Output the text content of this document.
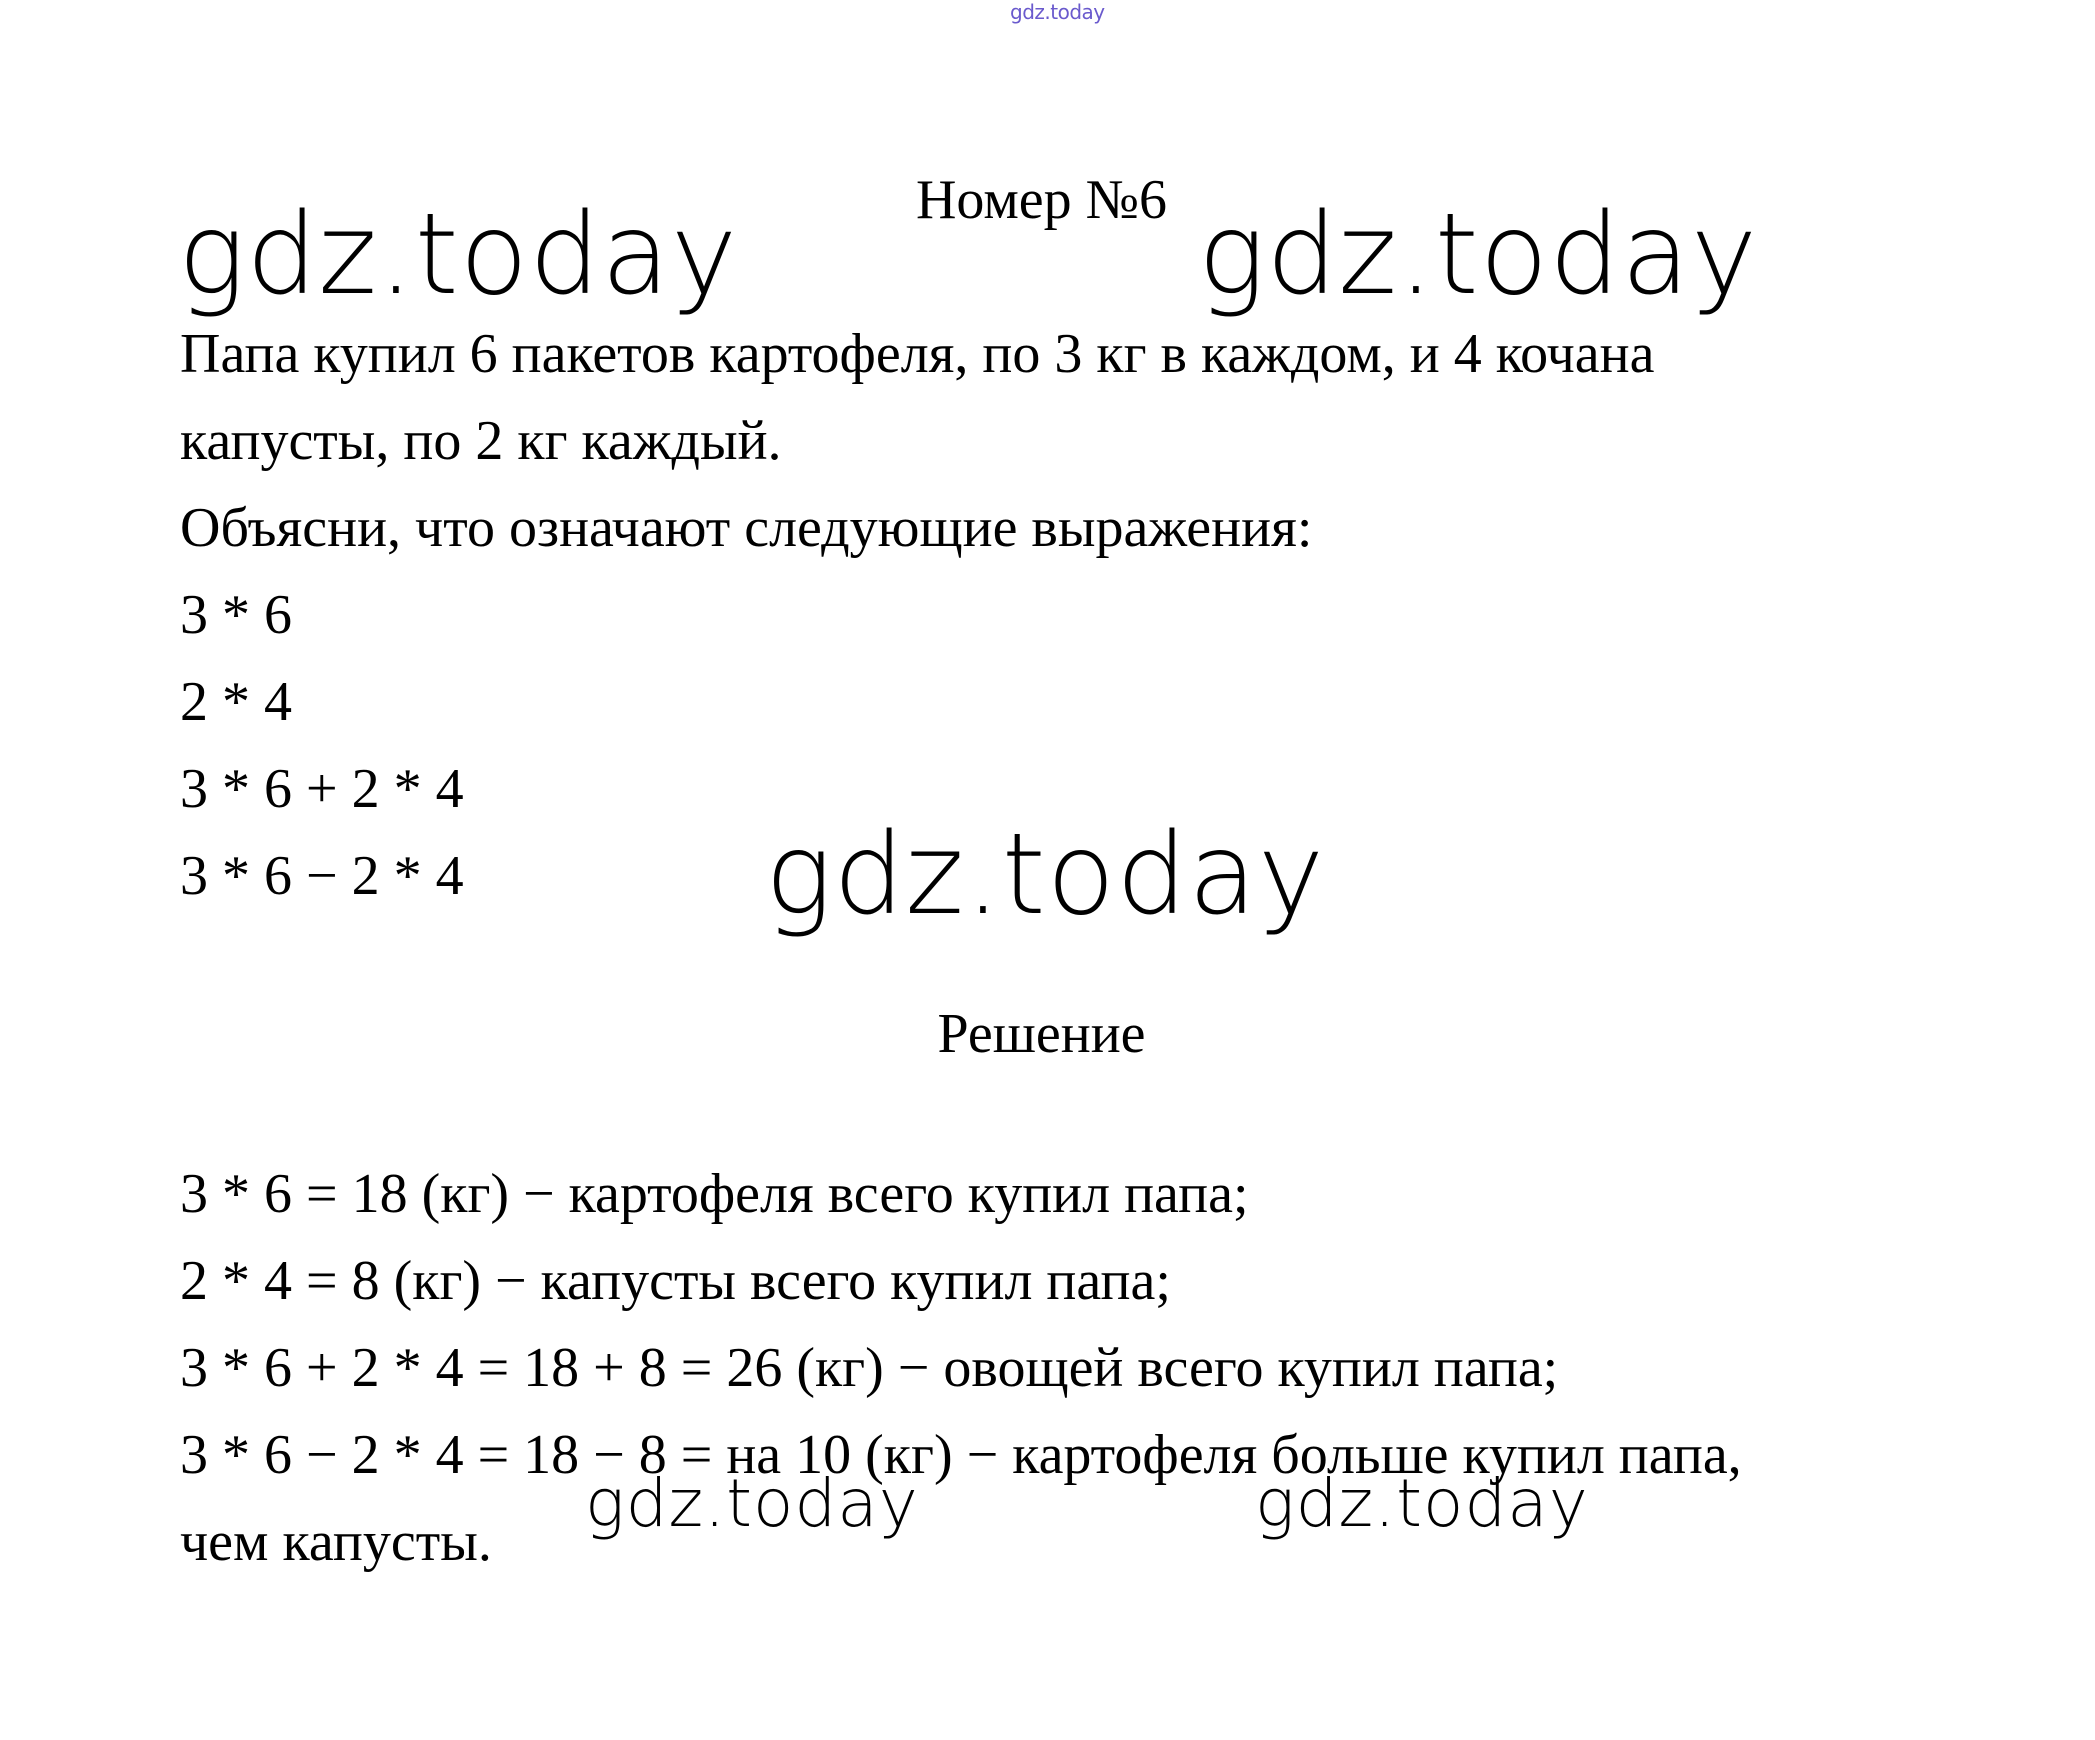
gdz.today
Номер №6
gdz.today	gdz.today
Папа купил 6 пакетов картофеля, по 3 кг в каждом, и 4 кочана
капусты, по 2 кг каждый.
Объясни, что означают следующие выражения:
3 * 6
2 * 4
3 * 6 + 2 * 4
3 * 6 − 2 * 4	gdz.today
Решение
3 * 6 = 18 (кг) − картофеля всего купил папа;
2 * 4 = 8 (кг) − капусты всего купил папа;
3 * 6 + 2 * 4 = 18 + 8 = 26 (кг) − овощей всего купил папа;
3 * 6 − 2 * 4 = 18 − 8 = на 10 (кг) − картофеля больше купил папа,
чем капусты. gdz.today	gdz.today
